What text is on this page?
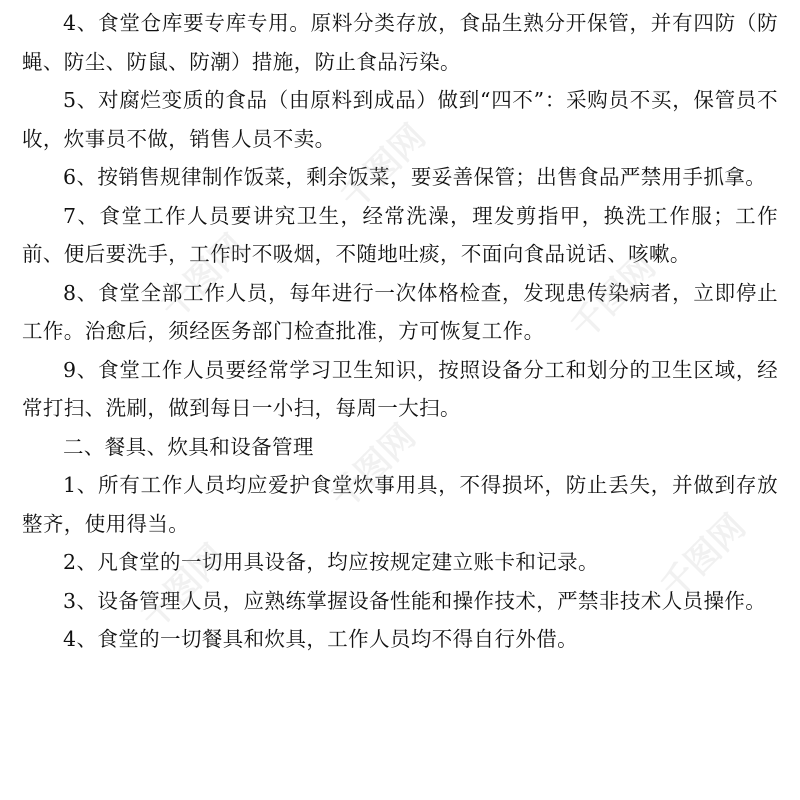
4、食堂仓库要专库专用。原料分类存放，食品生熟分开保管，并有四防（防蝇、防尘、防鼠、防潮）措施，防止食品污染。

5、对腐烂变质的食品（由原料到成品）做到“四不”：采购员不买，保管员不收，炊事员不做，销售人员不卖。

6、按销售规律制作饭菜，剩余饭菜，要妥善保管；出售食品严禁用手抓拿。

7、食堂工作人员要讲究卫生，经常洗澡，理发剪指甲，换洗工作服；工作前、便后要洗手，工作时不吸烟，不随地吐痰，不面向食品说话、咳嗽。

8、食堂全部工作人员，每年进行一次体格检查，发现患传染病者，立即停止工作。治愈后，须经医务部门检查批准，方可恢复工作。

9、食堂工作人员要经常学习卫生知识，按照设备分工和划分的卫生区域，经常打扫、洗刷，做到每日一小扫，每周一大扫。

二、餐具、炊具和设备管理

1、所有工作人员均应爱护食堂炊事用具，不得损坏，防止丢失，并做到存放整齐，使用得当。

2、凡食堂的一切用具设备，均应按规定建立账卡和记录。

3、设备管理人员，应熟练掌握设备性能和操作技术，严禁非技术人员操作。

4、食堂的一切餐具和炊具，工作人员均不得自行外借。

千图网
千图网	千图网
千图网
千图网
千图网
